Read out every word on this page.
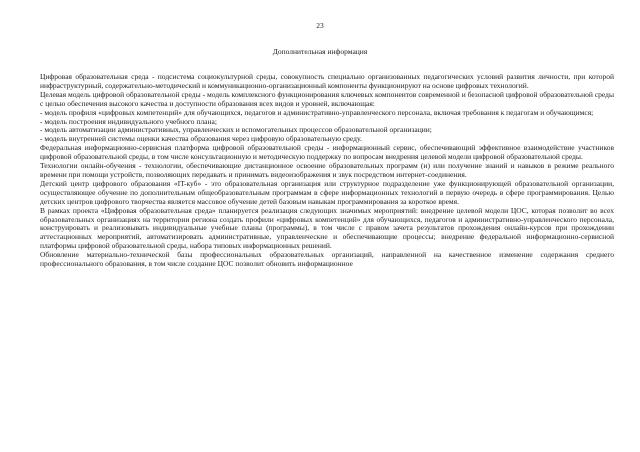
23
Дополнительная информация

Цифровая образовательная среда - подсистема социокультурной среды, совокупность специально организованных педагогических условий развития личности, при которой инфраструктурный, содержательно-методический и коммуникационно-организационный компоненты функционируют на основе цифровых технологий.

Целевая модель цифровой образовательной среды - модель комплексного функционирования ключевых компонентов современной и безопасной цифровой образовательной среды с целью обеспечения высокого качества и доступности образования всех видов и уровней, включающая:

- модель профиля «цифровых компетенций» для обучающихся, педагогов и административно-управленческого персонала, включая требования к педагогам и обучающимся;

- модель построения индивидуального учебного плана;

- модель автоматизации административных, управленческих и вспомогательных процессов образовательной организации;

- модель внутренней системы оценки качества образования через цифровую образовательную среду.

Федеральная информационно-сервисная платформа цифровой образовательной среды - информационный сервис, обеспечивающий эффективное взаимодействие участников цифровой образовательной среды, в том числе консультационную и методическую поддержку по вопросам внедрения целевой модели цифровой образовательной среды.

Технологии онлайн-обучения - технологии, обеспечивающие дистанционное освоение образовательных программ (и) или получение знаний и навыков в режиме реального времени при помощи устройств, позволяющих передавать и принимать видеоизображения и звук посредством интернет-соединения.

Детский центр цифрового образования «IT-куб» - это образовательная организация или структурное подразделение уже функционирующей образовательной организации, осуществляющее обучение по дополнительным общеобразовательным программам в сфере информационных технологий в первую очередь в сфере программирования. Целью детских центров цифрового творчества является массовое обучение детей базовым навыкам программирования за короткое время.

В рамках проекта «Цифровая образовательная среда» планируется реализация следующих значимых мероприятий: внедрение целевой модели ЦОС, которая позволит во всех образовательных организациях на территории региона создать профили «цифровых компетенций» для обучающихся, педагогов и административно-управленческого персонала, конструировать и реализовывать индивидуальные учебные планы (программы), в том числе с правом зачета результатов прохождения онлайн-курсов при прохождении аттестационных мероприятий, автоматизировать административные, управленческие и обеспечивающие процессы; внедрение федеральной информационно-сервисной платформы цифровой образовательной среды, набора типовых информационных решений.

Обновление материально-технической базы профессиональных образовательных организаций, направленной на качественное изменение содержания среднего профессионального образования, в том числе создание ЦОС позволит обновить информационное
